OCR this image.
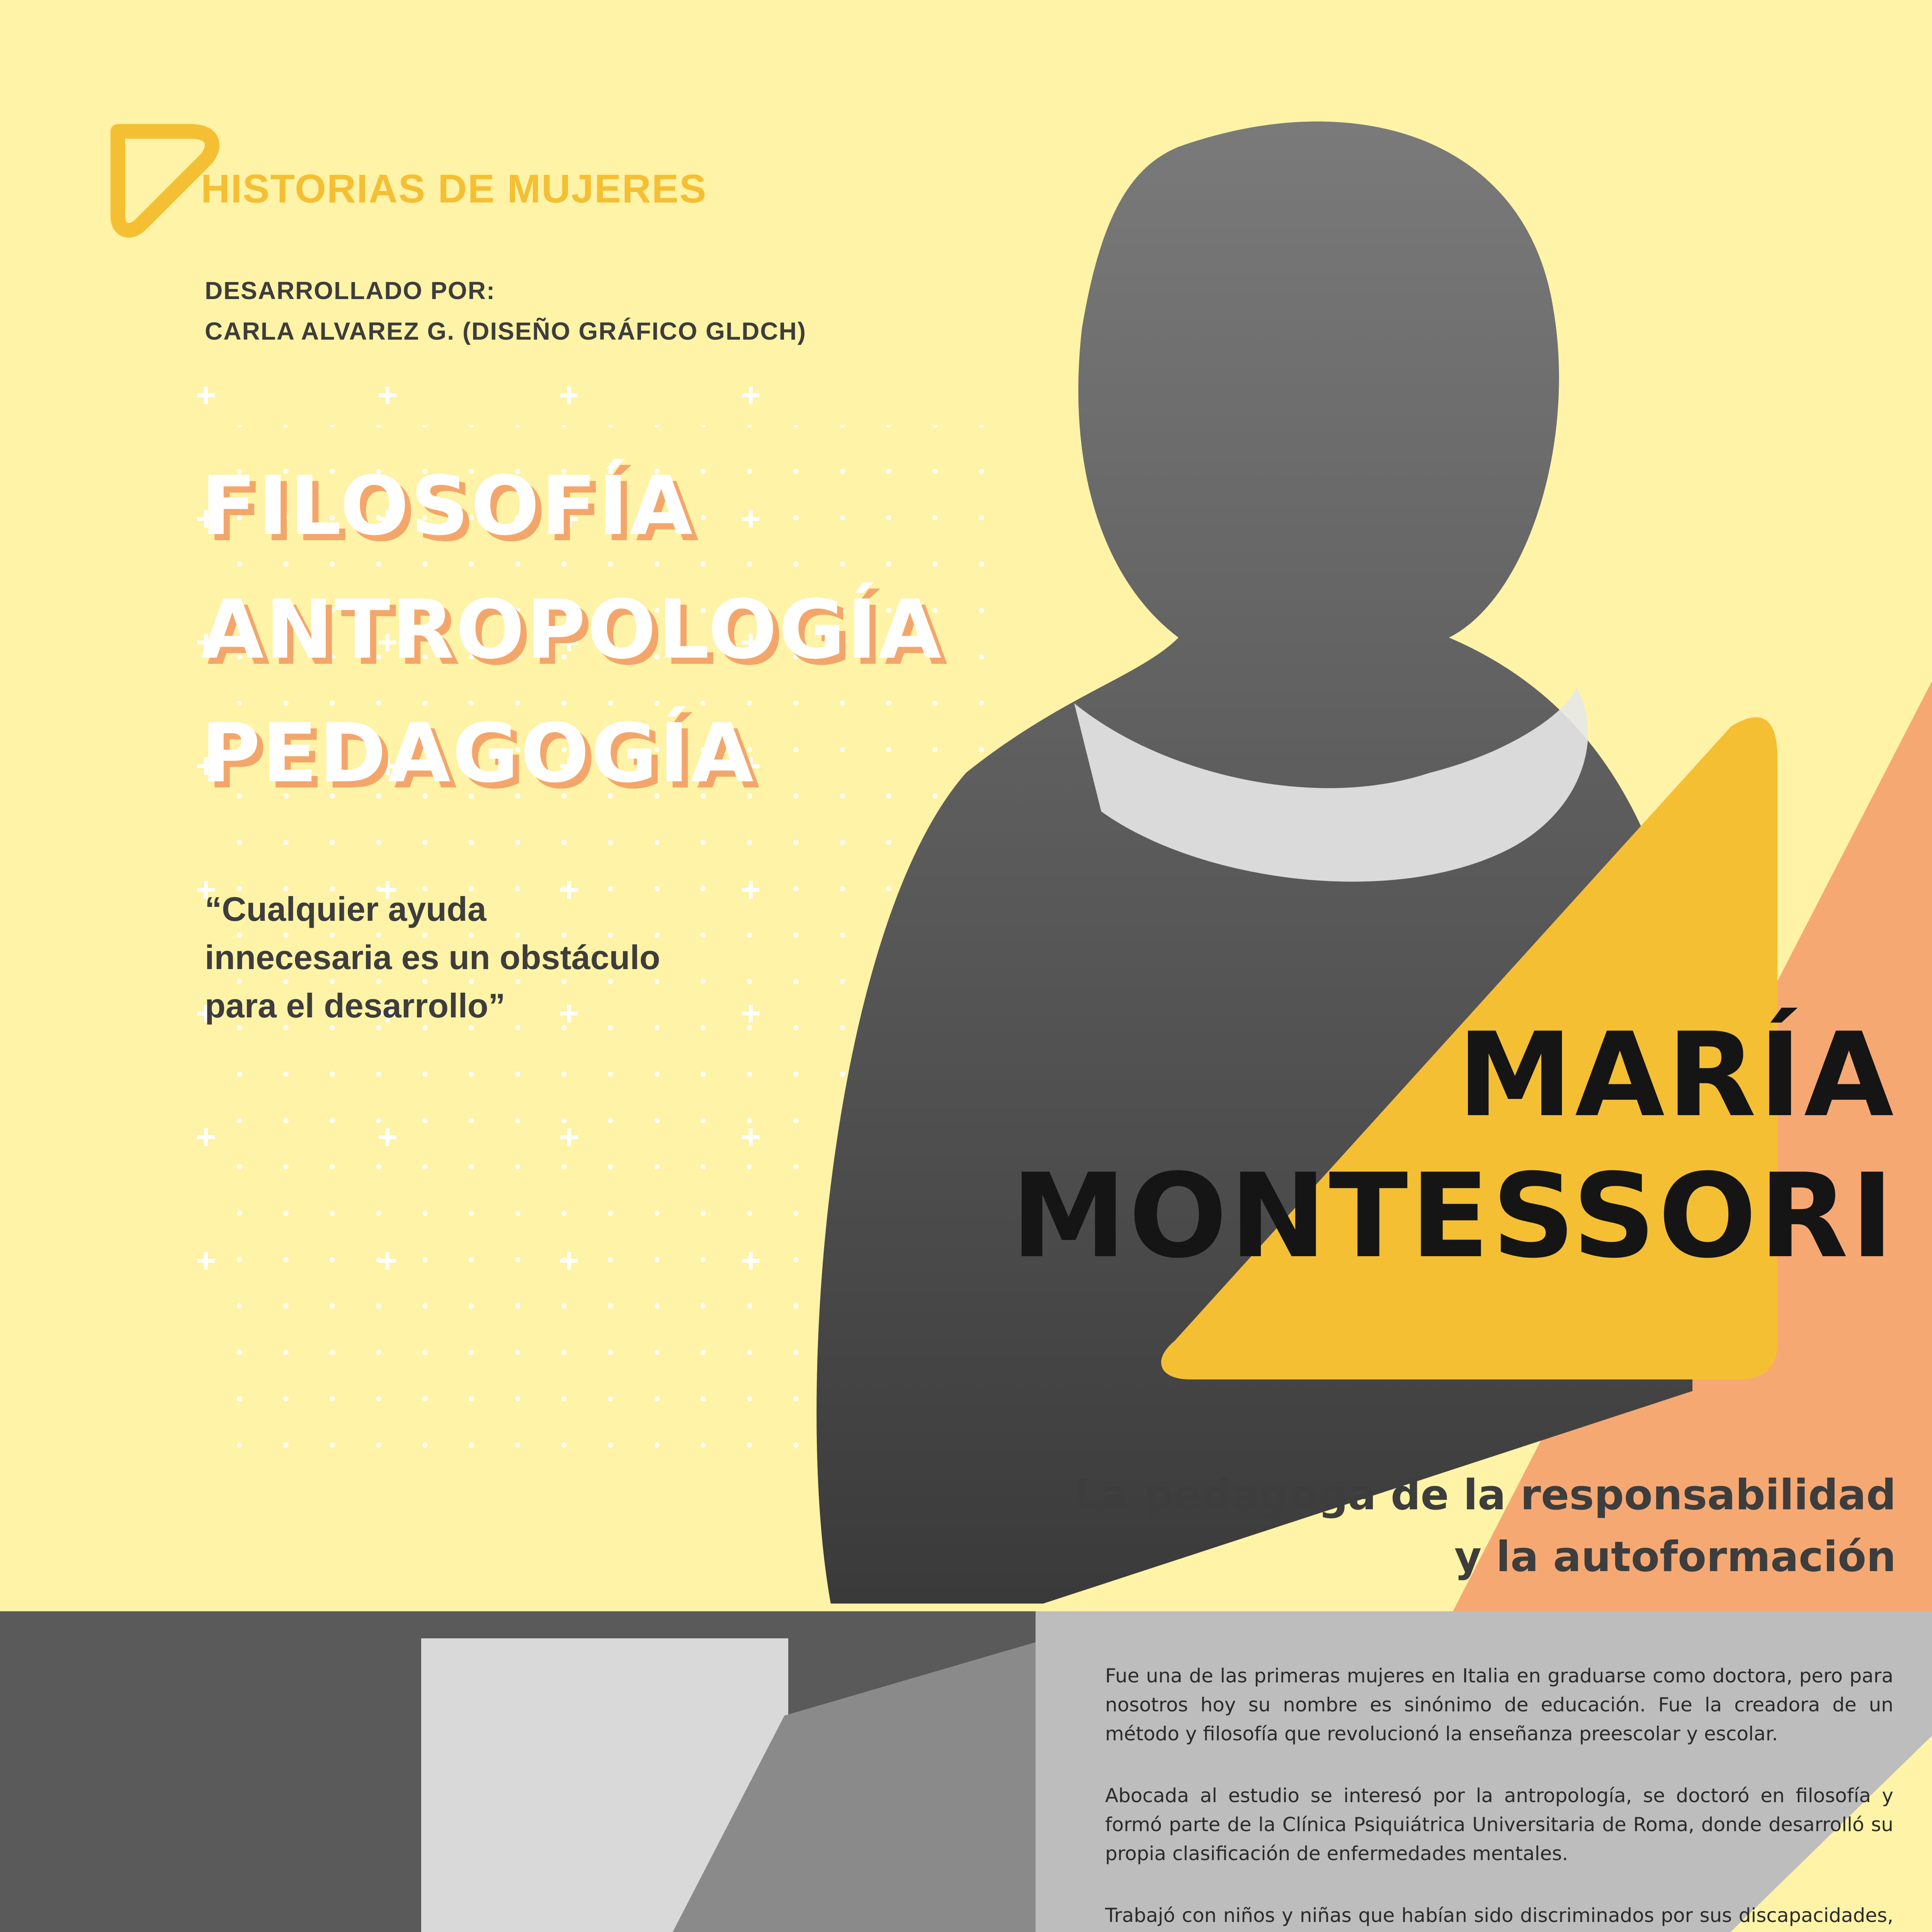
HISTORIAS DE MUJERES
DESARROLLADO POR:
CARLA ALVAREZ G. (DISEÑO GRÁFICO GLDCH)
FILOSOFÍA
ANTROPOLOGÍA
PEDAGOGÍA
“Cualquier ayuda
innecesaria es un obstáculo
para el desarrollo”
MARÍA
MONTESSORI
La pedagoga de la responsabilidad
y la autoformación

Fue una de las primeras mujeres en Italia en graduarse como doctora, pero para nosotros hoy su nombre es sinónimo de educación. Fue la creadora de un método y filosofía que revolucionó la enseñanza preescolar y escolar.

Abocada al estudio se interesó por la antropología, se doctoró en filosofía y formó parte de la Clínica Psiquiátrica Universitaria de Roma, donde desarrolló su propia clasificación de enfermedades mentales.

Trabajó con niños y niñas que habían sido discriminados por sus discapacidades,
